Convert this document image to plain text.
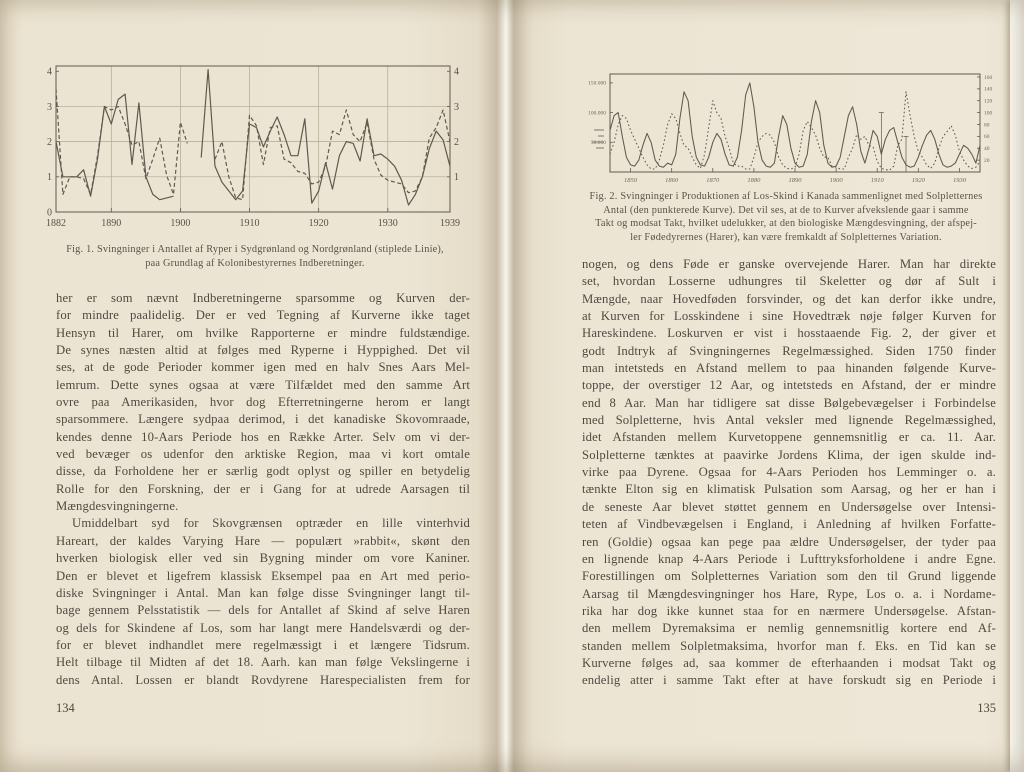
1882	1890	1900	1910	1920	1930	1939
0
1
2
3
4
1
2
3
4
Fig. 1. Svingninger i Antallet af Ryper i Sydgrønland og Nordgrønland (stiplede Linie),
paa Grundlag af Kolonibestyrernes Indberetninger.
her er som nævnt Indberetningerne sparsomme og Kurven der-
for mindre paalidelig. Der er ved Tegning af Kurverne ikke taget
Hensyn til Harer, om hvilke Rapporterne er mindre fuldstændige.
De synes næsten altid at følges med Ryperne i Hyppighed. Det vil
ses, at de gode Perioder kommer igen med en halv Snes Aars Mel-
lemrum. Dette synes ogsaa at være Tilfældet med den samme Art
ovre paa Amerikasiden, hvor dog Efterretningerne herom er langt
sparsommere. Længere sydpaa derimod, i det kanadiske Skovomraade,
kendes denne 10-Aars Periode hos en Række Arter. Selv om vi der-
ved bevæger os udenfor den arktiske Region, maa vi kort omtale
disse, da Forholdene her er særlig godt oplyst og spiller en betydelig
Rolle for den Forskning, der er i Gang for at udrede Aarsagen til
Mængdesvingningerne.
Umiddelbart syd for Skovgrænsen optræder en lille vinterhvid
Hareart, der kaldes Varying Hare — populært »rabbit«, skønt den
hverken biologisk eller ved sin Bygning minder om vore Kaniner.
Den er blevet et ligefrem klassisk Eksempel paa en Art med perio-
diske Svingninger i Antal. Man kan følge disse Svingninger langt til-
bage gennem Pelsstatistik — dels for Antallet af Skind af selve Haren
og dels for Skindene af Los, som har langt mere Handelsværdi og der-
for er blevet indhandlet mere regelmæssigt i et længere Tidsrum.
Helt tilbage til Midten af det 18. Aarh. kan man følge Vekslingerne i
dens Antal. Lossen er blandt Rovdyrene Harespecialisten frem for
134
1850	1860	1870	1880	1890	1900	1910	1920	1930
150.000
100.000
50.000
160
140
120
100
80
60
40
20
Fig. 2. Svingninger i Produktionen af Los-Skind i Kanada sammenlignet med Solpletternes
Antal (den punkterede Kurve). Det vil ses, at de to Kurver afvekslende gaar i samme
Takt og modsat Takt, hvilket udelukker, at den biologiske Mængdesvingning, der afspej-
ler Fødedyrernes (Harer), kan være fremkaldt af Solpletternes Variation.
nogen, og dens Føde er ganske overvejende Harer. Man har direkte
set, hvordan Losserne udhungres til Skeletter og dør af Sult i
Mængde, naar Hovedføden forsvinder, og det kan derfor ikke undre,
at Kurven for Losskindene i sine Hovedtræk nøje følger Kurven for
Hareskindene. Loskurven er vist i hosstaaende Fig. 2, der giver et
godt Indtryk af Svingningernes Regelmæssighed. Siden 1750 finder
man intetsteds en Afstand mellem to paa hinanden følgende Kurve-
toppe, der overstiger 12 Aar, og intetsteds en Afstand, der er mindre
end 8 Aar. Man har tidligere sat disse Bølgebevægelser i Forbindelse
med Solpletterne, hvis Antal veksler med lignende Regelmæssighed,
idet Afstanden mellem Kurvetoppene gennemsnitlig er ca. 11. Aar.
Solpletterne tænktes at paavirke Jordens Klima, der igen skulde ind-
virke paa Dyrene. Ogsaa for 4-Aars Perioden hos Lemminger o. a.
tænkte Elton sig en klimatisk Pulsation som Aarsag, og her er han i
de seneste Aar blevet støttet gennem en Undersøgelse over Intensi-
teten af Vindbevægelsen i England, i Anledning af hvilken Forfatte-
ren (Goldie) ogsaa kan pege paa ældre Undersøgelser, der tyder paa
en lignende knap 4-Aars Periode i Lufttryksforholdene i andre Egne.
Forestillingen om Solpletternes Variation som den til Grund liggende
Aarsag til Mængdesvingninger hos Hare, Rype, Los o. a. i Nordame-
rika har dog ikke kunnet staa for en nærmere Undersøgelse. Afstan-
den mellem Dyremaksima er nemlig gennemsnitlig kortere end Af-
standen mellem Solpletmaksima, hvorfor man f. Eks. en Tid kan se
Kurverne følges ad, saa kommer de efterhaanden i modsat Takt og
endelig atter i samme Takt efter at have forskudt sig en Periode i
135
